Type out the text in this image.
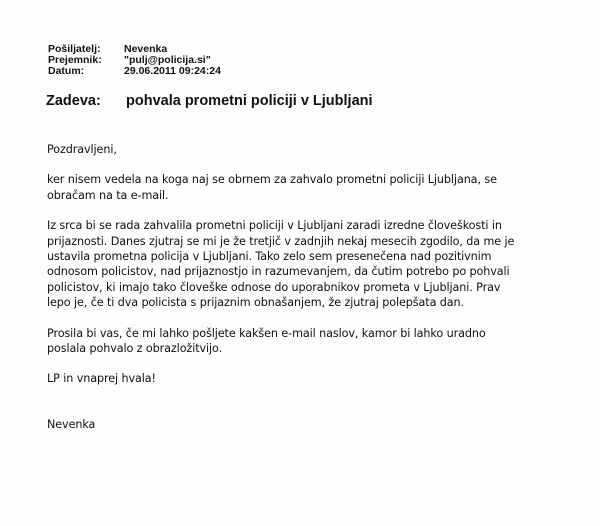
Pošiljatelj:	Nevenka
Prejemnik:	"pulj@policija.si"
Datum:	29.06.2011 09:24:24
Zadeva:	pohvala prometni policiji v Ljubljani

Pozdravljeni,

ker nisem vedela na koga naj se obrnem za zahvalo prometni policiji Ljubljana, se obračam na ta e-mail.

Iz srca bi se rada zahvalila prometni policiji v Ljubljani zaradi izredne človeškosti in prijaznosti. Danes zjutraj se mi je že tretjič v zadnjih nekaj mesecih zgodilo, da me je ustavila prometna policija v Ljubljani. Tako zelo sem presenečena nad pozitivnim odnosom policistov, nad prijaznostjo in razumevanjem, da čutim potrebo po pohvali policistov, ki imajo tako človeške odnose do uporabnikov prometa v Ljubljani. Prav lepo je, če ti dva policista s prijaznim obnašanjem, že zjutraj polepšata dan.

Prosila bi vas, če mi lahko pošljete kakšen e-mail naslov, kamor bi lahko uradno poslala pohvalo z obrazložitvijo.

LP in vnaprej hvala!

Nevenka
